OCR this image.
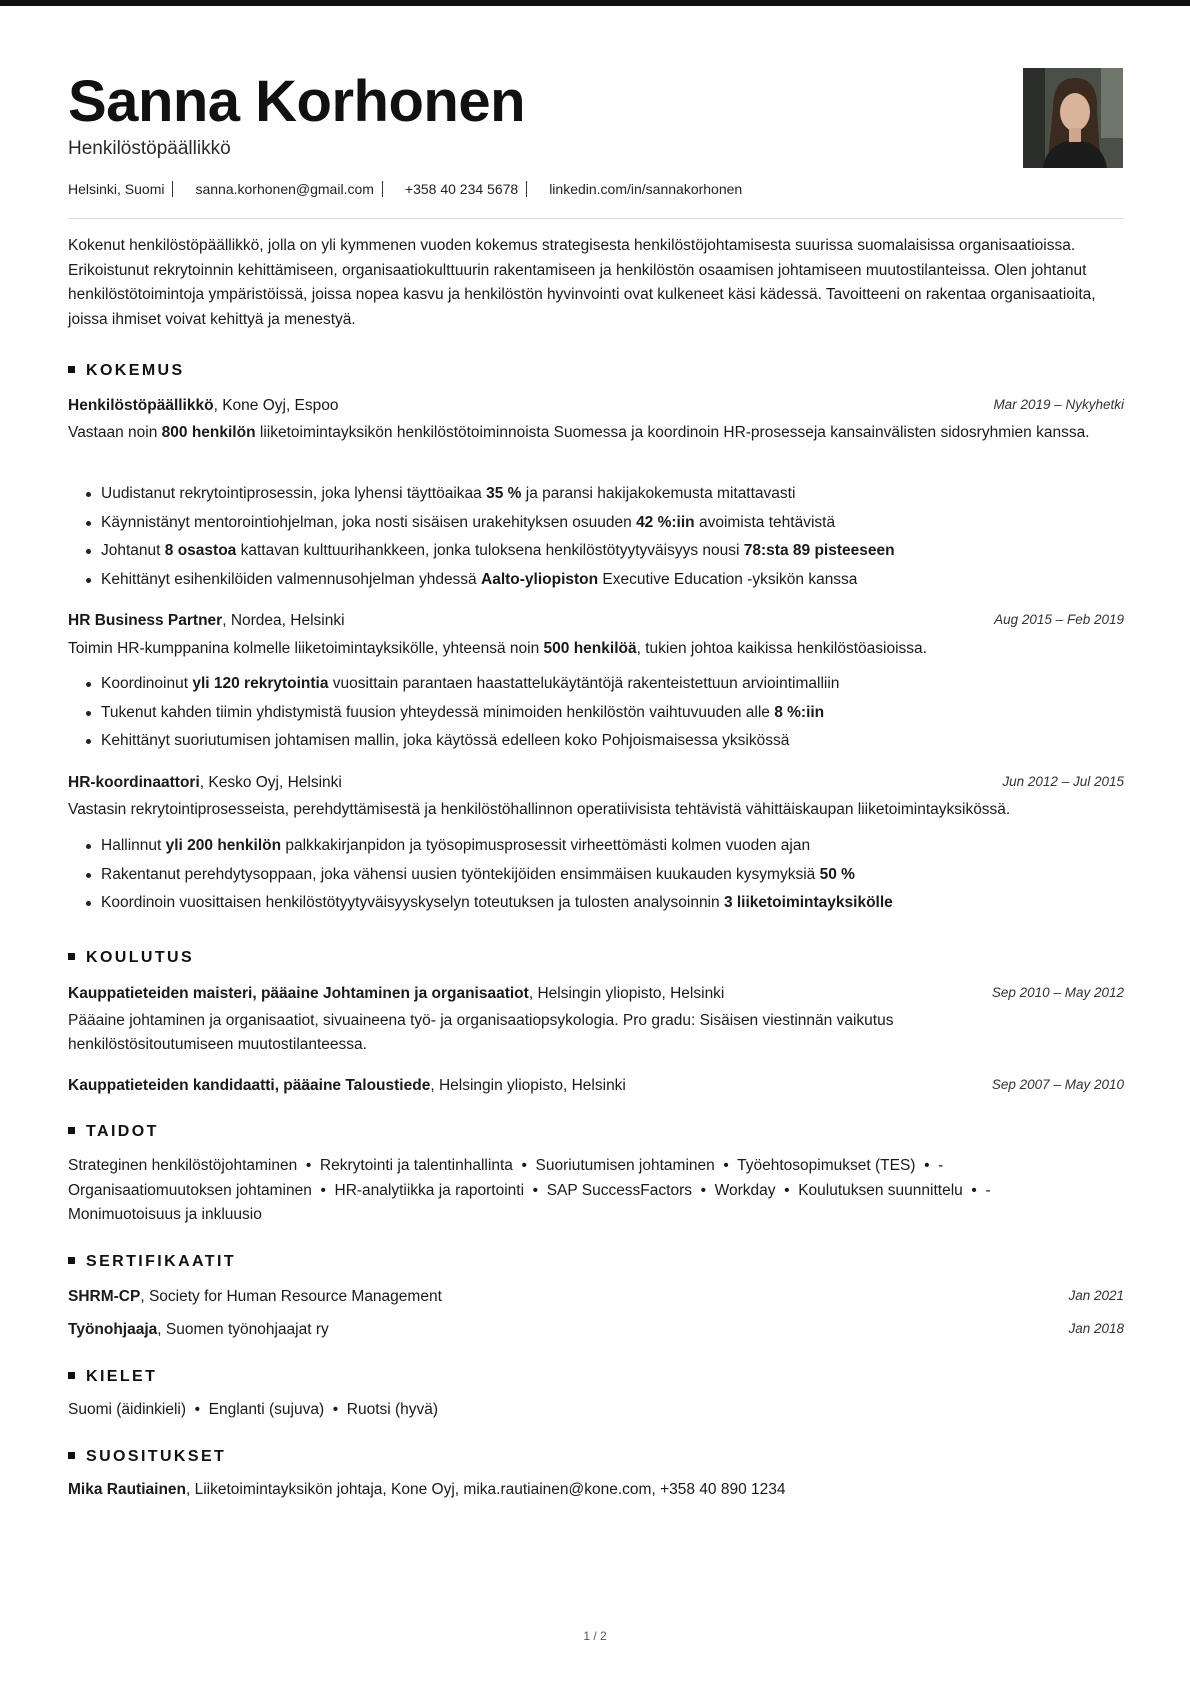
Sanna Korhonen
Henkilöstöpäällikkö
Helsinki, Suomi sanna.korhonen@gmail.com +358 40 234 5678 linkedin.com/in/sannakorhonen

Kokenut henkilöstöpäällikkö, jolla on yli kymmenen vuoden kokemus strategisesta henkilöstöjohtamisesta suurissa suomalaisissa organisaatioissa. Erikoistunut rekrytoinnin kehittämiseen, organisaatiokulttuurin rakentamiseen ja henkilöstön osaamisen johtamiseen muutostilanteissa. Olen johtanut henkilöstötoimintoja ympäristöissä, joissa nopea kasvu ja henkilöstön hyvinvointi ovat kulkeneet käsi kädessä. Tavoitteeni on rakentaa organisaatioita, joissa ihmiset voivat kehittyä ja menestyä.

KOKEMUS
Henkilöstöpäällikkö, Kone Oyj, Espoo	Mar 2019 – Nykyhetki

Vastaan noin 800 henkilön liiketoimintayksikön henkilöstötoiminnoista Suomessa ja koordinoin HR-prosesseja kansainvälisten sidosryhmien kanssa.

Uudistanut rekrytointiprosessin, joka lyhensi täyttöaikaa 35 % ja paransi hakijakokemusta mitattavasti
Käynnistänyt mentorointiohjelman, joka nosti sisäisen urakehityksen osuuden 42 %:iin avoimista tehtävistä
Johtanut 8 osastoa kattavan kulttuurihankkeen, jonka tuloksena henkilöstötyytyväisyys nousi 78:sta 89 pisteeseen
Kehittänyt esihenkilöiden valmennusohjelman yhdessä Aalto-yliopiston Executive Education -yksikön kanssa
HR Business Partner, Nordea, Helsinki	Aug 2015 – Feb 2019

Toimin HR-kumppanina kolmelle liiketoimintayksikölle, yhteensä noin 500 henkilöä, tukien johtoa kaikissa henkilöstöasioissa.

Koordinoinut yli 120 rekrytointia vuosittain parantaen haastattelukäytäntöjä rakenteistettuun arviointimalliin
Tukenut kahden tiimin yhdistymistä fuusion yhteydessä minimoiden henkilöstön vaihtuvuuden alle 8 %:iin
Kehittänyt suoriutumisen johtamisen mallin, joka käytössä edelleen koko Pohjoismaisessa yksikössä
HR-koordinaattori, Kesko Oyj, Helsinki	Jun 2012 – Jul 2015

Vastasin rekrytointiprosesseista, perehdyttämisestä ja henkilöstöhallinnon operatiivisista tehtävistä vähittäiskaupan liiketoimintayksikössä.

Hallinnut yli 200 henkilön palkkakirjanpidon ja työsopimusprosessit virheettömästi kolmen vuoden ajan
Rakentanut perehdytysoppaan, joka vähensi uusien työntekijöiden ensimmäisen kuukauden kysymyksiä 50 %
Koordinoin vuosittaisen henkilöstötyytyväisyyskyselyn toteutuksen ja tulosten analysoinnin 3 liiketoimintayksikölle
KOULUTUS
Kauppatieteiden maisteri, pääaine Johtaminen ja organisaatiot, Helsingin yliopisto, Helsinki	Sep 2010 – May 2012

Pääaine johtaminen ja organisaatiot, sivuaineena työ- ja organisaatiopsykologia. Pro gradu: Sisäisen viestinnän vaikutus henkilöstösitoutumiseen muutostilanteessa.

Kauppatieteiden kandidaatti, pääaine Taloustiede, Helsingin yliopisto, Helsinki	Sep 2007 – May 2010
TAIDOT

Strateginen henkilöstöjohtaminen  •  Rekrytointi ja talentinhallinta  •  Suoriutumisen johtaminen  •  Työehtosopimukset (TES)  •  -Organisaatiomuutoksen johtaminen  •  HR-analytiikka ja raportointi  •  SAP SuccessFactors  •  Workday  •  Koulutuksen suunnittelu  •  -Monimuotoisuus ja inkluusio

SERTIFIKAATIT
SHRM-CP, Society for Human Resource Management	Jan 2021
Työnohjaaja, Suomen työnohjaajat ry	Jan 2018
KIELET

Suomi (äidinkieli)  •  Englanti (sujuva)  •  Ruotsi (hyvä)

SUOSITUKSET
Mika Rautiainen, Liiketoimintayksikön johtaja, Kone Oyj, mika.rautiainen@kone.com, +358 40 890 1234
1 / 2
